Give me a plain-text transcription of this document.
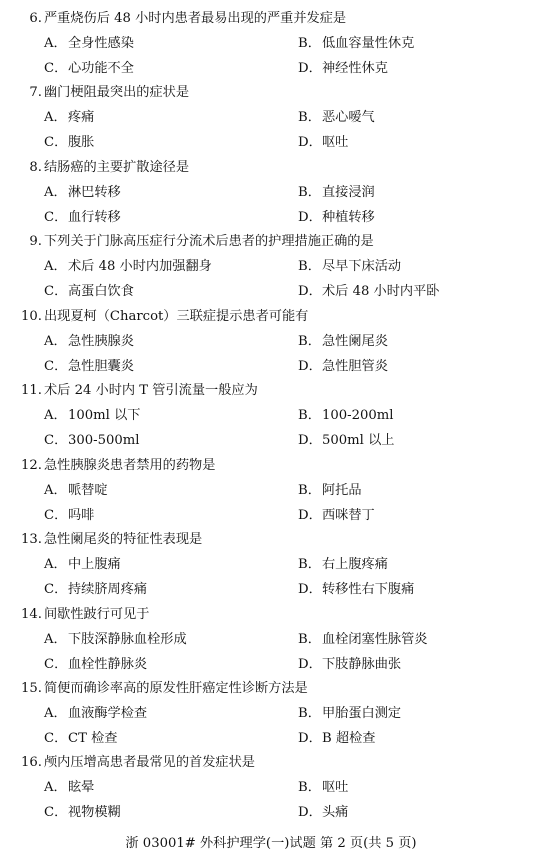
6. 严重烧伤后 48 小时内患者最易出现的严重并发症是
A．全身性感染	B．低血容量性休克
C．心功能不全	D．神经性休克
7. 幽门梗阻最突出的症状是
A．疼痛	B．恶心嗳气
C．腹胀	D．呕吐
8. 结肠癌的主要扩散途径是
A．淋巴转移	B．直接浸润
C．血行转移	D．种植转移
9. 下列关于门脉高压症行分流术后患者的护理措施正确的是
A．术后 48 小时内加强翻身	B．尽早下床活动
C．高蛋白饮食	D．术后 48 小时内平卧
10. 出现夏柯（Charcot）三联症提示患者可能有
A．急性胰腺炎	B．急性阑尾炎
C．急性胆囊炎	D．急性胆管炎
11. 术后 24 小时内 T 管引流量一般应为
A．100ml 以下	B．100-200ml
C．300-500ml	D．500ml 以上
12. 急性胰腺炎患者禁用的药物是
A．哌替啶	B．阿托品
C．吗啡	D．西咪替丁
13. 急性阑尾炎的特征性表现是
A．中上腹痛	B．右上腹疼痛
C．持续脐周疼痛	D．转移性右下腹痛
14. 间歇性跛行可见于
A．下肢深静脉血栓形成	B．血栓闭塞性脉管炎
C．血栓性静脉炎	D．下肢静脉曲张
15. 简便而确诊率高的原发性肝癌定性诊断方法是
A．血液酶学检查	B．甲胎蛋白测定
C．CT 检查	D．B 超检查
16. 颅内压增高患者最常见的首发症状是
A．眩晕	B．呕吐
C．视物模糊	D．头痛
浙 03001# 外科护理学(一)试题 第 2 页(共 5 页)
